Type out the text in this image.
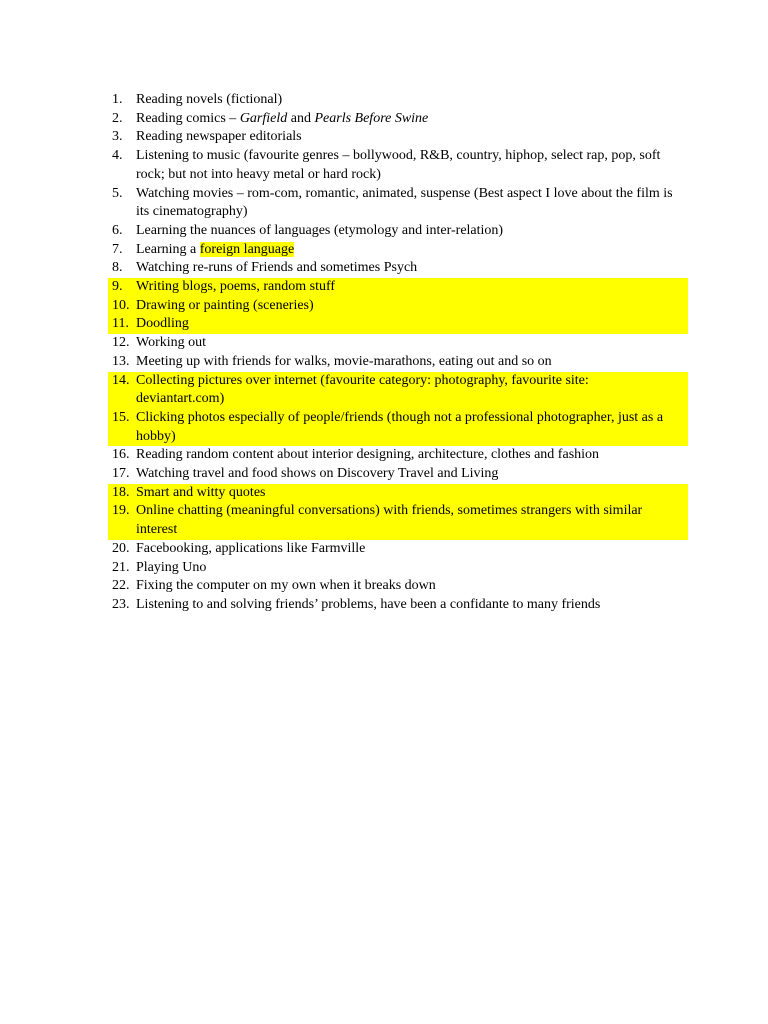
1. Reading novels (fictional)
2. Reading comics – Garfield and Pearls Before Swine
3. Reading newspaper editorials
4. Listening to music (favourite genres – bollywood, R&B, country, hiphop, select rap, pop, soft rock; but not into heavy metal or hard rock)
5. Watching movies – rom-com, romantic, animated, suspense (Best aspect I love about the film is its cinematography)
6. Learning the nuances of languages (etymology and inter-relation)
7. Learning a foreign language
8. Watching re-runs of Friends and sometimes Psych
9. Writing blogs, poems, random stuff
10. Drawing or painting (sceneries)
11. Doodling
12. Working out
13. Meeting up with friends for walks, movie-marathons, eating out and so on
14. Collecting pictures over internet (favourite category: photography, favourite site: deviantart.com)
15. Clicking photos especially of people/friends (though not a professional photographer, just as a hobby)
16. Reading random content about interior designing, architecture, clothes and fashion
17. Watching travel and food shows on Discovery Travel and Living
18. Smart and witty quotes
19. Online chatting (meaningful conversations) with friends, sometimes strangers with similar interest
20. Facebooking, applications like Farmville
21. Playing Uno
22. Fixing the computer on my own when it breaks down
23. Listening to and solving friends’ problems, have been a confidante to many friends
